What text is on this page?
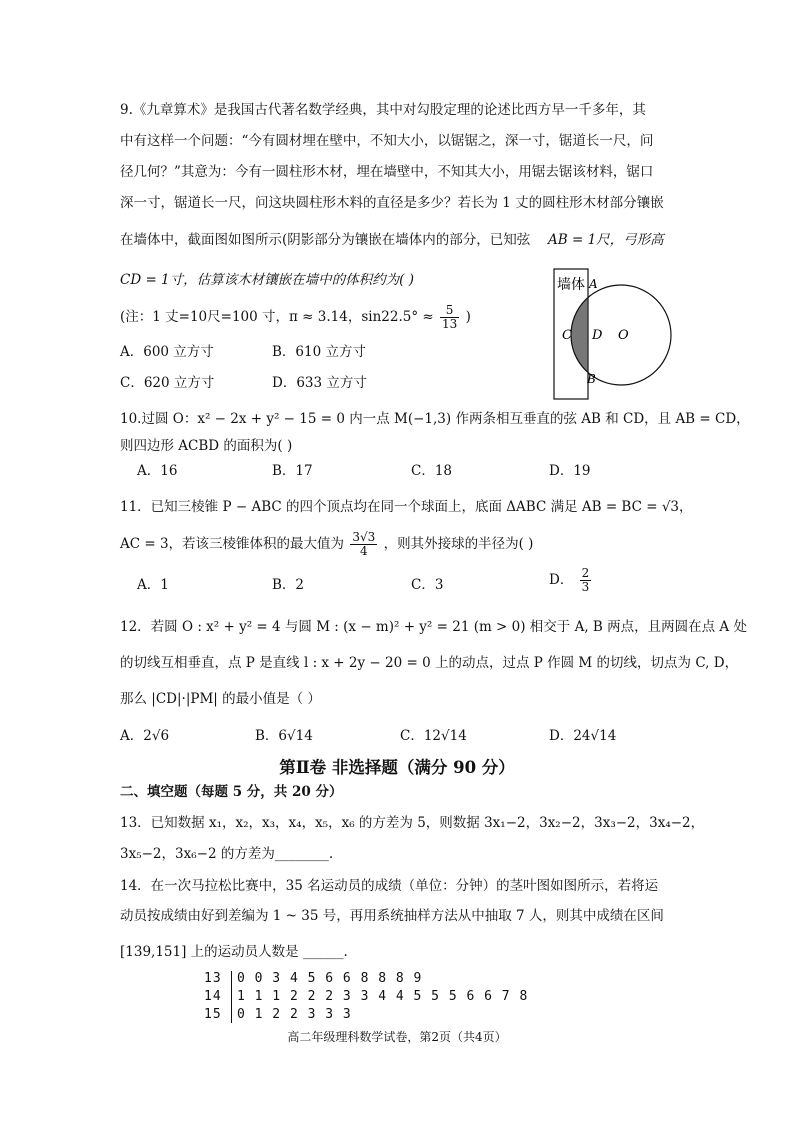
9.《九章算术》是我国古代著名数学经典，其中对勾股定理的论述比西方早一千多年，其
中有这样一个问题：“今有圆材埋在壁中，不知大小，以锯锯之，深一寸，锯道长一尺，问
径几何？”其意为：今有一圆柱形木材，埋在墙壁中，不知其大小，用锯去锯该材料，锯口
深一寸，锯道长一尺，问这块圆柱形木料的直径是多少？若长为 1 丈的圆柱形木材部分镶嵌
在墙体中，截面图如图所示(阴影部分为镶嵌在墙体内的部分，已知弦 AB = 1尺，弓形高
CD = 1寸，估算该木材镶嵌在墙中的体积约为( )
(注：1 丈=10尺=100 寸，π ≈ 3.14，$\sin 22.5^\circ \approx \frac{5}{13}$ )
A．600 立方寸	B．610 立方寸
C．620 立方寸	D．633 立方寸
墙体 A
B
C D O
10.过圆 O：x² − 2x + y² − 15 = 0 内一点 M(−1,3) 作两条相互垂直的弦 AB 和 CD，且 AB = CD，
则四边形 ACBD 的面积为( )
A．16	B．17	C．18	D．19
11．已知三棱锥 P − ABC 的四个顶点均在同一个球面上，底面 ΔABC 满足 AB = BC = √3，
AC = 3，若该三棱锥体积的最大值为 $\frac{3√3}{4}$ ，则其外接球的半径为( )
A．1	B．2	C．3	D． $\frac{2}{3}$
12．若圆 O : x² + y² = 4 与圆 M : (x − m)² + y² = 21 (m > 0) 相交于 A, B 两点，且两圆在点 A 处
的切线互相垂直，点 P 是直线 l : x + 2y − 20 = 0 上的动点，过点 P 作圆 M 的切线，切点为 C, D，
那么 |CD|·|PM| 的最小值是（ ）
A．2√6	B．6√14	C．12√14	D．24√14
第Ⅱ卷 非选择题（满分 90 分）
二、填空题（每题 5 分，共 20 分）
13．已知数据 x₁，x₂，x₃，x₄，x₅，x₆ 的方差为 5，则数据 3x₁−2，3x₂−2，3x₃−2，3x₄−2，
3x₅−2，3x₆−2 的方差为________.
14．在一次马拉松比赛中，35 名运动员的成绩（单位：分钟）的茎叶图如图所示，若将运
动员按成绩由好到差编为 1 ~ 35 号，再用系统抽样方法从中抽取 7 人，则其中成绩在区间
[139,151] 上的运动员人数是 ______.
13 0 0 3 4 5 6 6 8 8 8 9
14 1 1 1 2 2 2 3 3 4 4 5 5 5 6 6 7 8
15 0 1 2 2 3 3 3
高二年级理科数学试卷，第2页（共4页）
